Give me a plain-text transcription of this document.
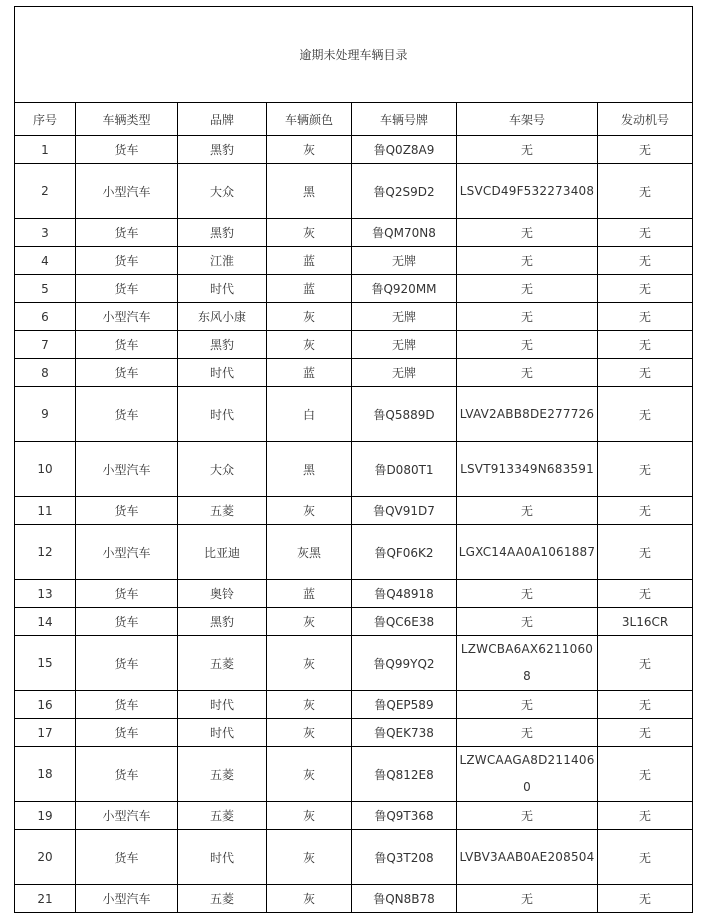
逾期未处理车辆目录						
序号	车辆类型	品牌	车辆颜色	车辆号牌	车架号	发动机号
1	货车	黑豹	灰	鲁Q0Z8A9	无	无
2	小型汽车	大众	黑	鲁Q2S9D2	LSVCD49F532273408	无
3	货车	黑豹	灰	鲁QM70N8	无	无
4	货车	江淮	蓝	无牌	无	无
5	货车	时代	蓝	鲁Q920MM	无	无
6	小型汽车	东风小康	灰	无牌	无	无
7	货车	黑豹	灰	无牌	无	无
8	货车	时代	蓝	无牌	无	无
9	货车	时代	白	鲁Q5889D	LVAV2ABB8DE277726	无
10	小型汽车	大众	黑	鲁D080T1	LSVT913349N683591	无
11	货车	五菱	灰	鲁QV91D7	无	无
12	小型汽车	比亚迪	灰黑	鲁QF06K2	LGXC14AA0A1061887	无
13	货车	奥铃	蓝	鲁Q48918	无	无
14	货车	黑豹	灰	鲁QC6E38	无	3L16CR
15	货车	五菱	灰	鲁Q99YQ2	LZWCBA6AX62110608	无
16	货车	时代	灰	鲁QEP589	无	无
17	货车	时代	灰	鲁QEK738	无	无
18	货车	五菱	灰	鲁Q812E8	LZWCAAGA8D2114060	无
19	小型汽车	五菱	灰	鲁Q9T368	无	无
20	货车	时代	灰	鲁Q3T208	LVBV3AAB0AE208504	无
21	小型汽车	五菱	灰	鲁QN8B78	无	无
